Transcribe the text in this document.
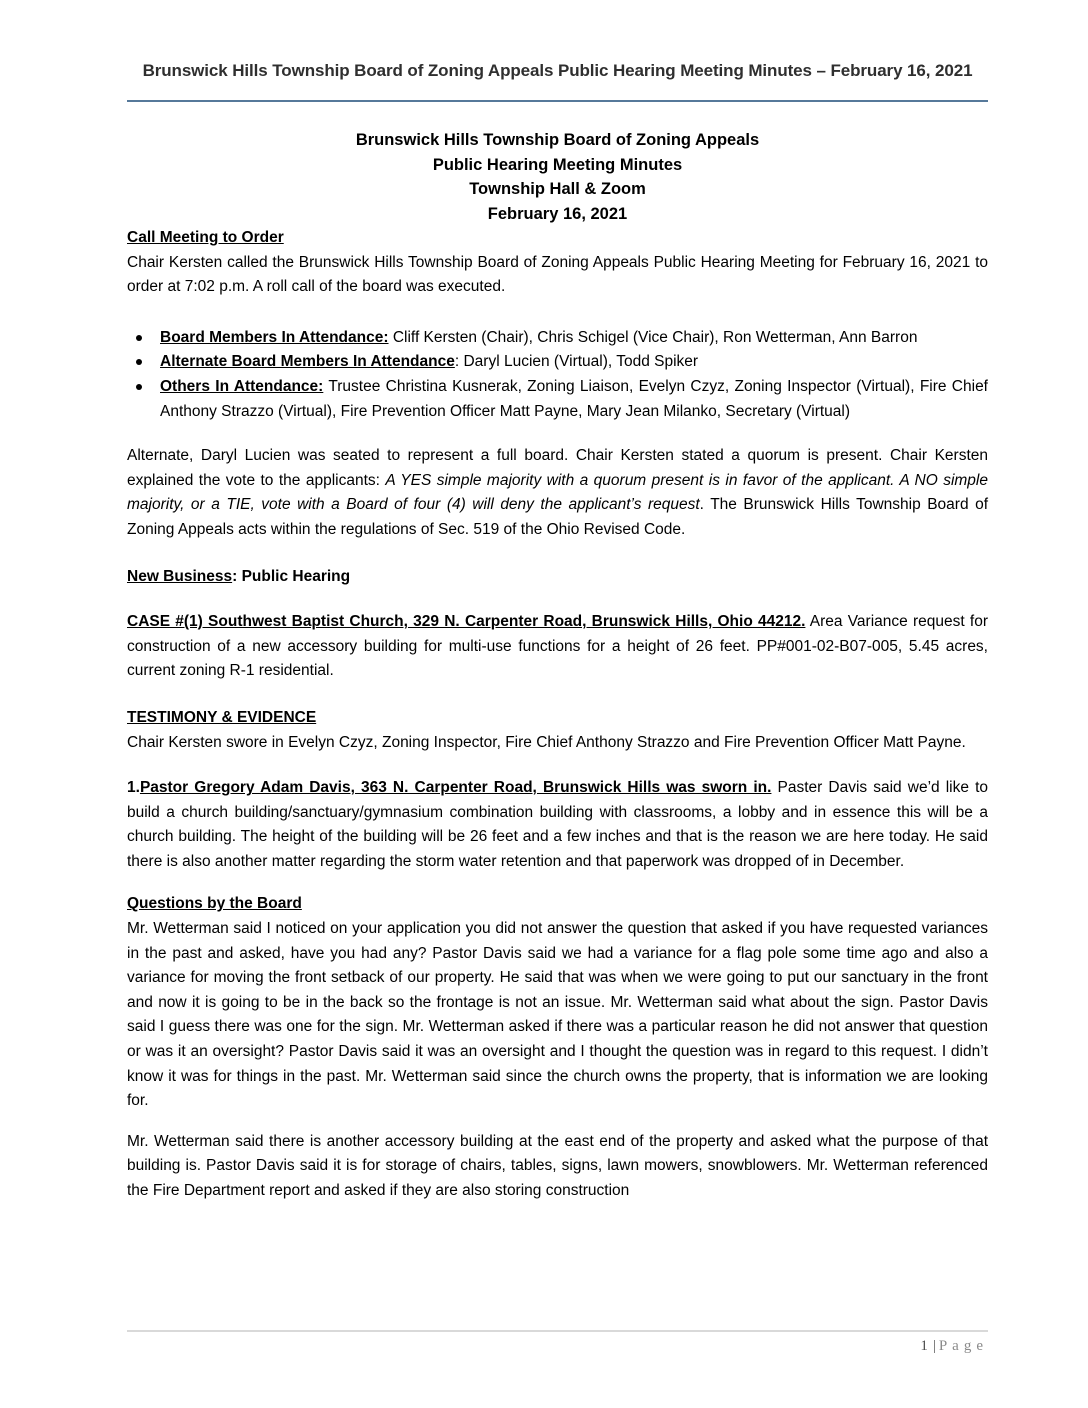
Brunswick Hills Township Board of Zoning Appeals Public Hearing Meeting Minutes – February 16, 2021
Brunswick Hills Township Board of Zoning Appeals
Public Hearing Meeting Minutes
Township Hall & Zoom
February 16, 2021
Call Meeting to Order

Chair Kersten called the Brunswick Hills Township Board of Zoning Appeals Public Hearing Meeting for February 16, 2021 to order at 7:02 p.m. A roll call of the board was executed.

Board Members In Attendance: Cliff Kersten (Chair), Chris Schigel (Vice Chair), Ron Wetterman, Ann Barron
Alternate Board Members In Attendance: Daryl Lucien (Virtual), Todd Spiker
Others In Attendance: Trustee Christina Kusnerak, Zoning Liaison, Evelyn Czyz, Zoning Inspector (Virtual), Fire Chief Anthony Strazzo (Virtual), Fire Prevention Officer Matt Payne, Mary Jean Milanko, Secretary (Virtual)

Alternate, Daryl Lucien was seated to represent a full board. Chair Kersten stated a quorum is present. Chair Kersten explained the vote to the applicants: A YES simple majority with a quorum present is in favor of the applicant. A NO simple majority, or a TIE, vote with a Board of four (4) will deny the applicant’s request. The Brunswick Hills Township Board of Zoning Appeals acts within the regulations of Sec. 519 of the Ohio Revised Code.

New Business: Public Hearing

CASE #(1) Southwest Baptist Church, 329 N. Carpenter Road, Brunswick Hills, Ohio 44212. Area Variance request for construction of a new accessory building for multi-use functions for a height of 26 feet. PP#001-02-B07-005, 5.45 acres, current zoning R-1 residential.

TESTIMONY & EVIDENCE

Chair Kersten swore in Evelyn Czyz, Zoning Inspector, Fire Chief Anthony Strazzo and Fire Prevention Officer Matt Payne.

1.Pastor Gregory Adam Davis, 363 N. Carpenter Road, Brunswick Hills was sworn in. Paster Davis said we’d like to build a church building/sanctuary/gymnasium combination building with classrooms, a lobby and in essence this will be a church building. The height of the building will be 26 feet and a few inches and that is the reason we are here today. He said there is also another matter regarding the storm water retention and that paperwork was dropped of in December.

Questions by the Board

Mr. Wetterman said I noticed on your application you did not answer the question that asked if you have requested variances in the past and asked, have you had any? Pastor Davis said we had a variance for a flag pole some time ago and also a variance for moving the front setback of our property. He said that was when we were going to put our sanctuary in the front and now it is going to be in the back so the frontage is not an issue. Mr. Wetterman said what about the sign. Pastor Davis said I guess there was one for the sign. Mr. Wetterman asked if there was a particular reason he did not answer that question or was it an oversight? Pastor Davis said it was an oversight and I thought the question was in regard to this request. I didn’t know it was for things in the past. Mr. Wetterman said since the church owns the property, that is information we are looking for.

Mr. Wetterman said there is another accessory building at the east end of the property and asked what the purpose of that building is. Pastor Davis said it is for storage of chairs, tables, signs, lawn mowers, snowblowers. Mr. Wetterman referenced the Fire Department report and asked if they are also storing construction

1 | Page
